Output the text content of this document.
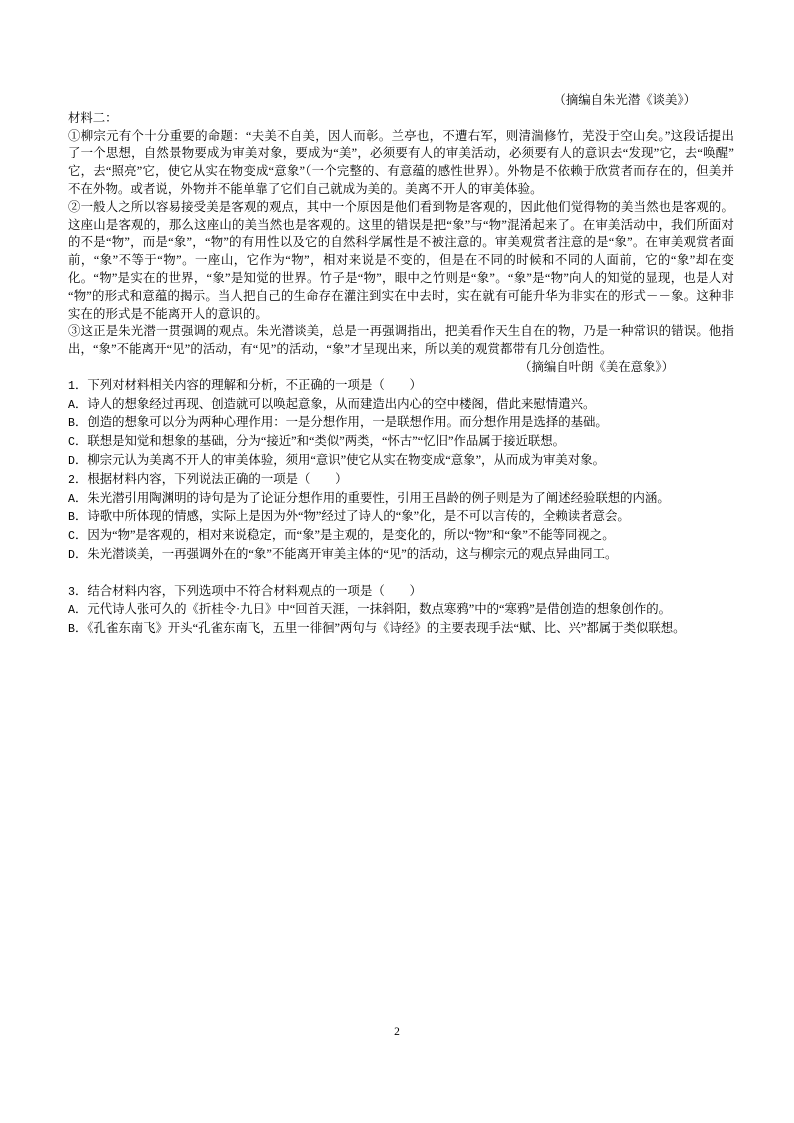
（摘编自朱光潜《谈美》）

材料二：

①柳宗元有个十分重要的命题：“夫美不自美，因人而彰。兰亭也，不遭右军，则清湍修竹，芜没于空山矣。”这段话提出了一个思想，自然景物要成为审美对象，要成为“美”，必须要有人的审美活动，必须要有人的意识去“发现”它，去“唤醒”它，去“照亮”它，使它从实在物变成“意象”（一个完整的、有意蕴的感性世界）。外物是不依赖于欣赏者而存在的，但美并不在外物。或者说，外物并不能单靠了它们自己就成为美的。美离不开人的审美体验。

②一般人之所以容易接受美是客观的观点，其中一个原因是他们看到物是客观的，因此他们觉得物的美当然也是客观的。这座山是客观的，那么这座山的美当然也是客观的。这里的错误是把“象”与“物”混淆起来了。在审美活动中，我们所面对的不是“物”，而是“象”，“物”的有用性以及它的自然科学属性是不被注意的。审美观赏者注意的是“象”。在审美观赏者面前，“象”不等于“物”。一座山，它作为“物”，相对来说是不变的，但是在不同的时候和不同的人面前，它的“象”却在变化。“物”是实在的世界，“象”是知觉的世界。竹子是“物”，眼中之竹则是“象”。“象”是“物”向人的知觉的显现，也是人对“物”的形式和意蕴的揭示。当人把自己的生命存在灌注到实在中去时，实在就有可能升华为非实在的形式－－象。这种非实在的形式是不能离开人的意识的。

③这正是朱光潜一贯强调的观点。朱光潜谈美，总是一再强调指出，把美看作天生自在的物，乃是一种常识的错误。他指出，“象”不能离开“见”的活动，有“见”的活动，“象”才呈现出来，所以美的观赏都带有几分创造性。

（摘编自叶朗《美在意象》）

1．下列对材料相关内容的理解和分析，不正确的一项是（　　）

A．诗人的想象经过再现、创造就可以唤起意象，从而建造出内心的空中楼阁，借此来慰情遣兴。

B．创造的想象可以分为两种心理作用：一是分想作用，一是联想作用。而分想作用是选择的基础。

C．联想是知觉和想象的基础，分为“接近”和“类似”两类，“怀古”“忆旧”作品属于接近联想。

D．柳宗元认为美离不开人的审美体验，须用“意识”使它从实在物变成“意象”，从而成为审美对象。

2．根据材料内容，下列说法正确的一项是（　　）

A．朱光潜引用陶渊明的诗句是为了论证分想作用的重要性，引用王昌龄的例子则是为了阐述经验联想的内涵。

B．诗歌中所体现的情感，实际上是因为外“物”经过了诗人的“象”化，是不可以言传的，全赖读者意会。

C．因为“物”是客观的，相对来说稳定，而“象”是主观的，是变化的，所以“物”和“象”不能等同视之。

D．朱光潜谈美，一再强调外在的“象”不能离开审美主体的“见”的活动，这与柳宗元的观点异曲同工。

3．结合材料内容，下列选项中不符合材料观点的一项是（　　）

A．元代诗人张可久的《折桂令·九日》中“回首天涯，一抹斜阳，数点寒鸦”中的“寒鸦”是借创造的想象创作的。

B．《孔雀东南飞》开头“孔雀东南飞，五里一徘徊”两句与《诗经》的主要表现手法“赋、比、兴”都属于类似联想。

2
